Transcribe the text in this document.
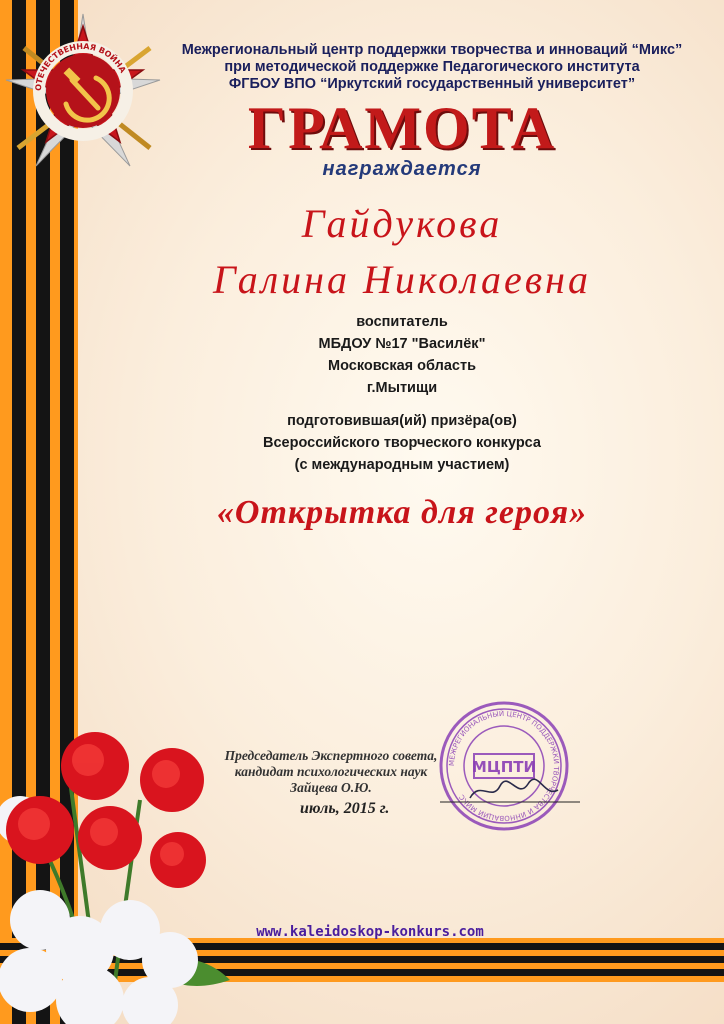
ОТЕЧЕСТВЕННАЯ ВОЙНА
Межрегиональный центр поддержки творчества и инноваций “Микс”
при методической поддержке Педагогического института
ФГБОУ ВПО “Иркутский государственный университет”
ГРАМОТА
награждается
Гайдукова
Галина Николаевна
воспитатель
МБДОУ №17 "Василёк"
Московская область
г.Мытищи
подготовившая(ий) призёра(ов)
Всероссийского творческого конкурса
(с международным участием)
«Открытка для героя»
МЕЖРЕГИОНАЛЬНЫЙ ЦЕНТР ПОДДЕРЖКИ ТВОРЧЕСТВА И ИННОВАЦИЙ МИКС
МЦПТИ
Председатель Экспертного совета,
кандидат психологических наук
Зайцева О.Ю.
июль, 2015 г.
www.kaleidoskop-konkurs.com
